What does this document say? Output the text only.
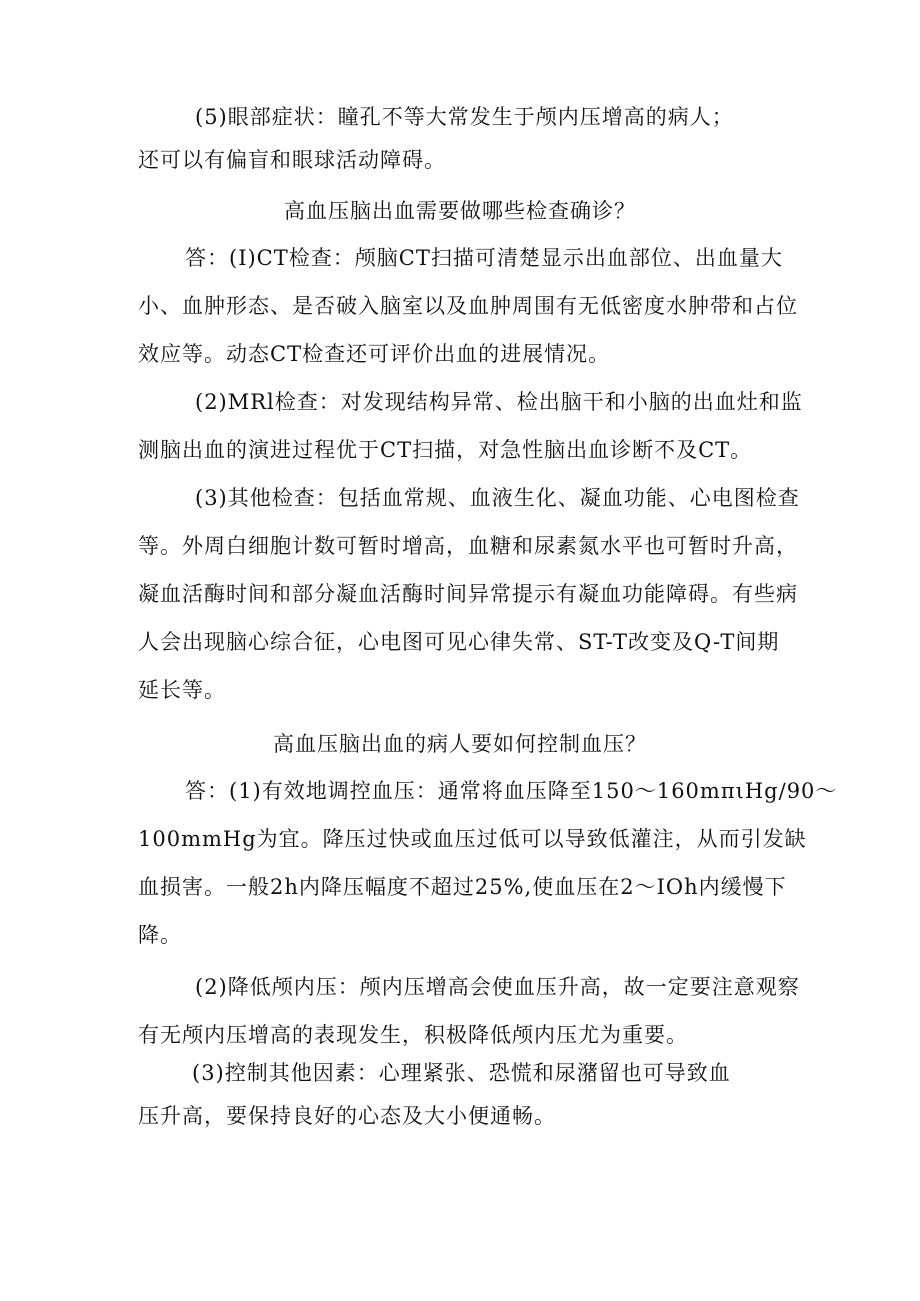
(5)眼部症状：瞳孔不等大常发生于颅内压增高的病人；
还可以有偏盲和眼球活动障碍。
高血压脑出血需要做哪些检查确诊？
答：(I)CT检查：颅脑CT扫描可清楚显示出血部位、出血量大
小、血肿形态、是否破入脑室以及血肿周围有无低密度水肿带和占位
效应等。动态CT检查还可评价出血的进展情况。
(2)MRl检查：对发现结构异常、检出脑干和小脑的出血灶和监
测脑出血的演进过程优于CT扫描，对急性脑出血诊断不及CT。
(3)其他检查：包括血常规、血液生化、凝血功能、心电图检查
等。外周白细胞计数可暂时增高，血糖和尿素氮水平也可暂时升高，
凝血活酶时间和部分凝血活酶时间异常提示有凝血功能障碍。有些病
人会出现脑心综合征，心电图可见心律失常、ST-T改变及Q-T间期
延长等。
高血压脑出血的病人要如何控制血压？
答：(1)有效地调控血压：通常将血压降至150～160mπιHg∕90～
100mmHg为宜。降压过快或血压过低可以导致低灌注，从而引发缺
血损害。一般2h内降压幅度不超过25%,使血压在2～IOh内缓慢下
降。
(2)降低颅内压：颅内压增高会使血压升高，故一定要注意观察
有无颅内压增高的表现发生，积极降低颅内压尤为重要。
(3)控制其他因素：心理紧张、恐慌和尿潴留也可导致血
压升高，要保持良好的心态及大小便通畅。
